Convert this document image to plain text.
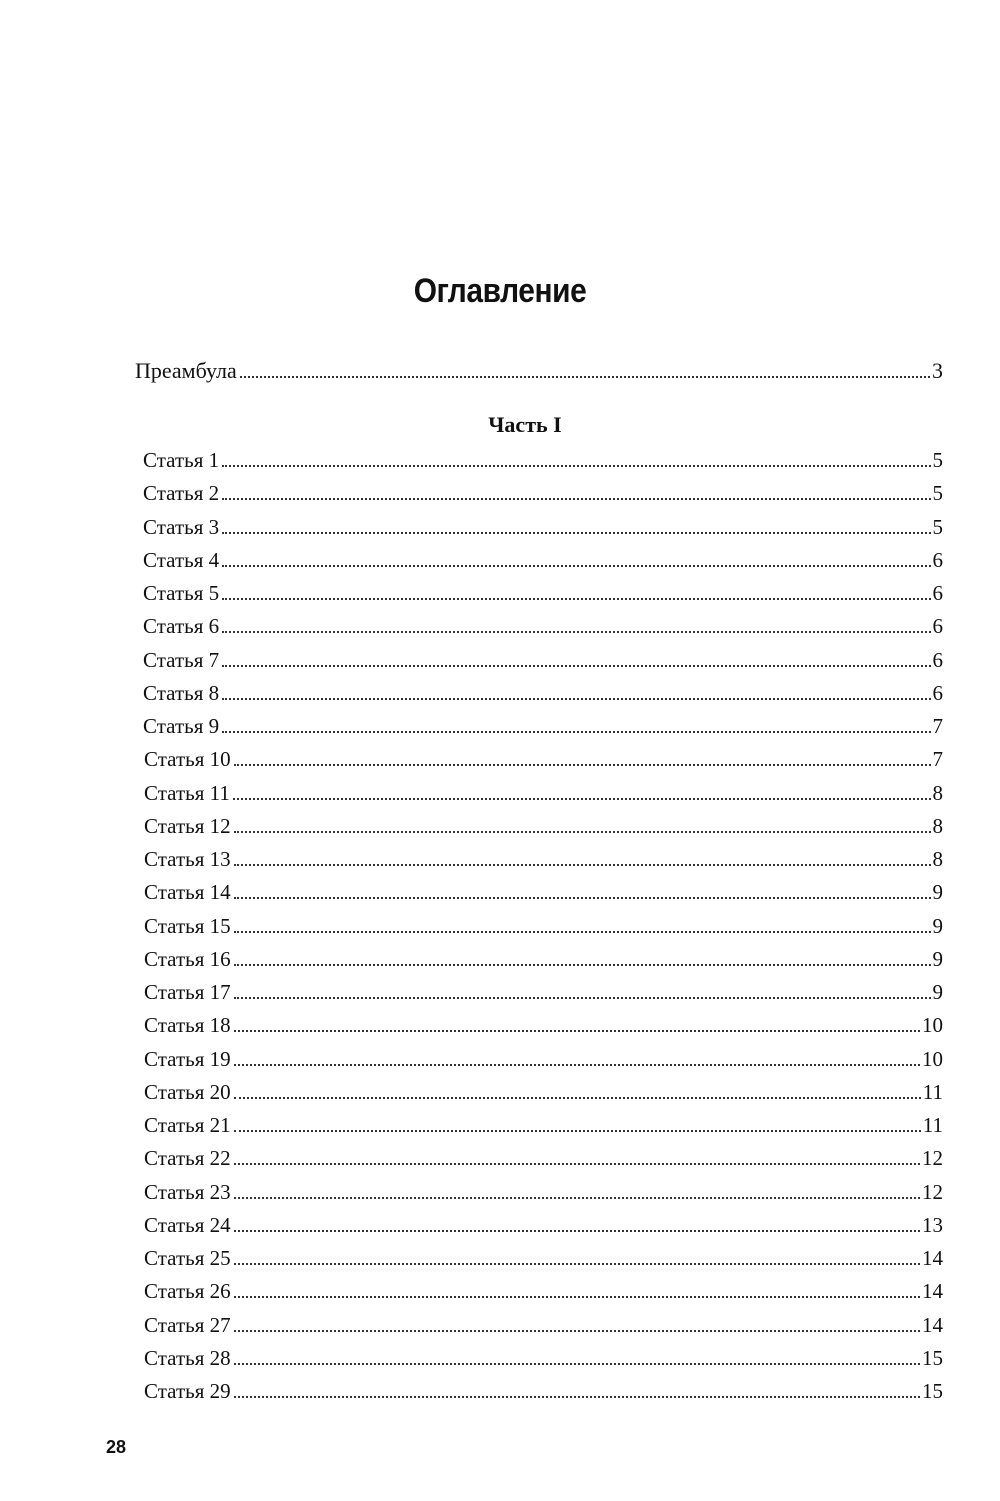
Оглавление
Преамбула	3
Часть I
Статья 1	5
Статья 2	5
Статья 3	5
Статья 4	6
Статья 5	6
Статья 6	6
Статья 7	6
Статья 8	6
Статья 9	7
Статья 10	7
Статья 11	8
Статья 12	8
Статья 13	8
Статья 14	9
Статья 15	9
Статья 16	9
Статья 17	9
Статья 18	10
Статья 19	10
Статья 20	11
Статья 21	11
Статья 22	12
Статья 23	12
Статья 24	13
Статья 25	14
Статья 26	14
Статья 27	14
Статья 28	15
Статья 29	15

28
